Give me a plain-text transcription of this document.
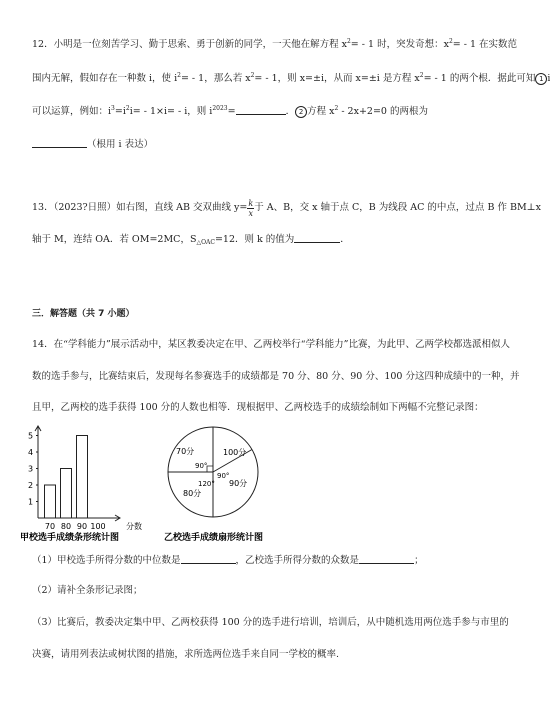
12．小明是一位刻苦学习、勤于思索、勇于创新的同学，一天他在解方程 $x^2= - 1$ 时，突发奇想：$x^2= - 1$ 在实数范
围内无解，假如存在一种数 i，使 $i^2= - 1$，那么若 $x^2= - 1$，则 x=±i，从而 x=±i 是方程 $x^2= - 1$ 的两个根．据此可知 1 i
可以运算，例如：$i^3=i^2i= - 1\times i= - i$，则 $i^{2023}=$	． 2 方程 $x^2 - 2x+2=0$ 的两根为
（根用 i 表达）
13．（2023?日照）如右图，直线 AB 交双曲线 $y= \frac{k}{x}$ 于 A、B，交 x 轴于点 C，B 为线段 AC 的中点，过点 B 作 BM⊥x
轴于 M，连结 OA．若 OM=2MC，$S_{\triangle OAC}=12$．则 k 的值为	．
三．解答题（共 7 小题）
14．在“学科能力”展示活动中，某区教委决定在甲、乙两校举行“学科能力”比赛，为此甲、乙两学校都选派相似人
数的选手参与，比赛结束后，发现每名参赛选手的成绩都是 70 分、80 分、90 分、100 分这四种成绩中的一种，并
且甲，乙两校的选手获得 100 分的人数也相等．现根据甲、乙两校选手的成绩绘制如下两幅不完整记录图：
1
2
3
4
5
70 80 90 100	分数
甲校选手成绩条形统计图
100分
70分
90°
90°
120° 90分
80分
乙校选手成绩扇形统计图
（1）甲校选手所得分数的中位数是	，乙校选手所得分数的众数是	；
（2）请补全条形记录图；
（3）比赛后，教委决定集中甲、乙两校获得 100 分的选手进行培训，培训后，从中随机选用两位选手参与市里的
决赛，请用列表法或树状图的措施，求所选两位选手来自同一学校的概率.
